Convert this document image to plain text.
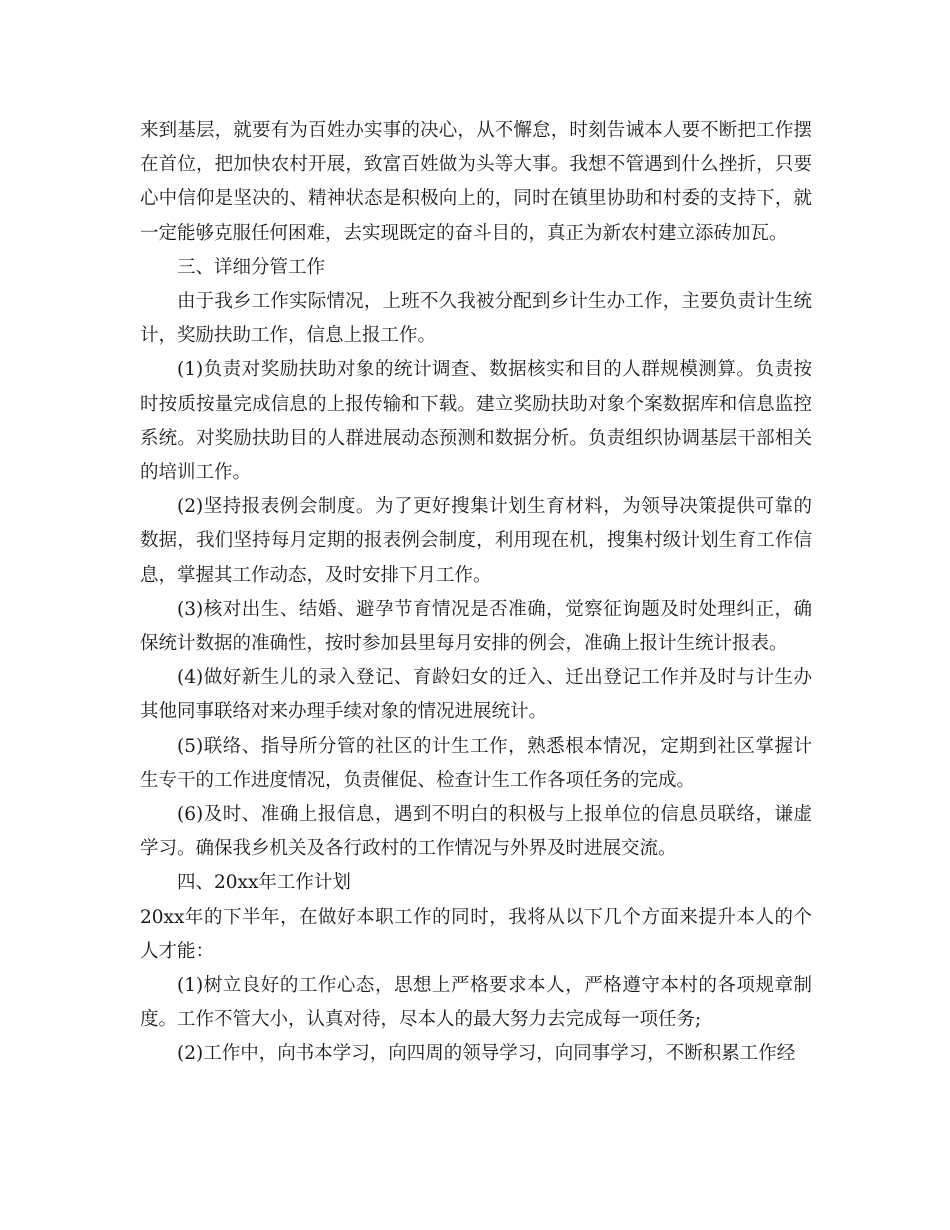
来到基层，就要有为百姓办实事的决心，从不懈怠，时刻告诫本人要不断把工作摆在首位，把加快农村开展，致富百姓做为头等大事。我想不管遇到什么挫折，只要心中信仰是坚决的、精神状态是积极向上的，同时在镇里协助和村委的支持下，就一定能够克服任何困难，去实现既定的奋斗目的，真正为新农村建立添砖加瓦。

三、详细分管工作

由于我乡工作实际情况，上班不久我被分配到乡计生办工作，主要负责计生统计，奖励扶助工作，信息上报工作。

(1)负责对奖励扶助对象的统计调查、数据核实和目的人群规模测算。负责按时按质按量完成信息的上报传输和下载。建立奖励扶助对象个案数据库和信息监控系统。对奖励扶助目的人群进展动态预测和数据分析。负责组织协调基层干部相关的培训工作。

(2)坚持报表例会制度。为了更好搜集计划生育材料，为领导决策提供可靠的数据，我们坚持每月定期的报表例会制度，利用现在机，搜集村级计划生育工作信息，掌握其工作动态，及时安排下月工作。

(3)核对出生、结婚、避孕节育情况是否准确，觉察征询题及时处理纠正，确保统计数据的准确性，按时参加县里每月安排的例会，准确上报计生统计报表。

(4)做好新生儿的录入登记、育龄妇女的迁入、迁出登记工作并及时与计生办其他同事联络对来办理手续对象的情况进展统计。

(5)联络、指导所分管的社区的计生工作，熟悉根本情况，定期到社区掌握计生专干的工作进度情况，负责催促、检查计生工作各项任务的完成。

(6)及时、准确上报信息，遇到不明白的积极与上报单位的信息员联络，谦虚学习。确保我乡机关及各行政村的工作情况与外界及时进展交流。

四、20xx年工作计划

20xx年的下半年，在做好本职工作的同时，我将从以下几个方面来提升本人的个人才能：

(1)树立良好的工作心态，思想上严格要求本人，严格遵守本村的各项规章制度。工作不管大小，认真对待，尽本人的最大努力去完成每一项任务;

(2)工作中，向书本学习，向四周的领导学习，向同事学习，不断积累工作经
